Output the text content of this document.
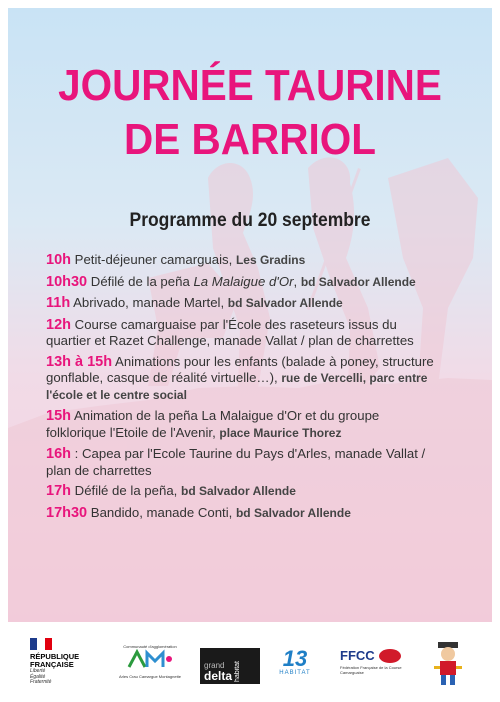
JOURNÉE TAURINE
DE BARRIOL
Programme du 20 septembre
10h Petit-déjeuner camarguais, Les Gradins
10h30 Défilé de la peña La Malaigue d'Or, bd Salvador Allende
11h Abrivado, manade Martel, bd Salvador Allende
12h Course camarguaise par l'École des raseteurs issus du quartier et Razet Challenge, manade Vallat / plan de charrettes
13h à 15h Animations pour les enfants (balade à poney, structure gonflable, casque de réalité virtuelle…), rue de Vercelli, parc entre l'école et le centre social
15h Animation de la peña La Malaigue d'Or et du groupe folklorique l'Etoile de l'Avenir, place Maurice Thorez
16h : Capea par l'Ecole Taurine du Pays d'Arles, manade Vallat / plan de charrettes
17h Défilé de la peña, bd Salvador Allende
17h30 Bandido, manade Conti, bd Salvador Allende
RÉPUBLIQUE
FRANÇAISE
Liberté
Égalité
Fraternité
Communauté d'agglomération
Arles Crau Camargue Montagnette
grand
delta habitat
13
HABITAT
FFCC
Fédération Française de la Course Camarguaise
